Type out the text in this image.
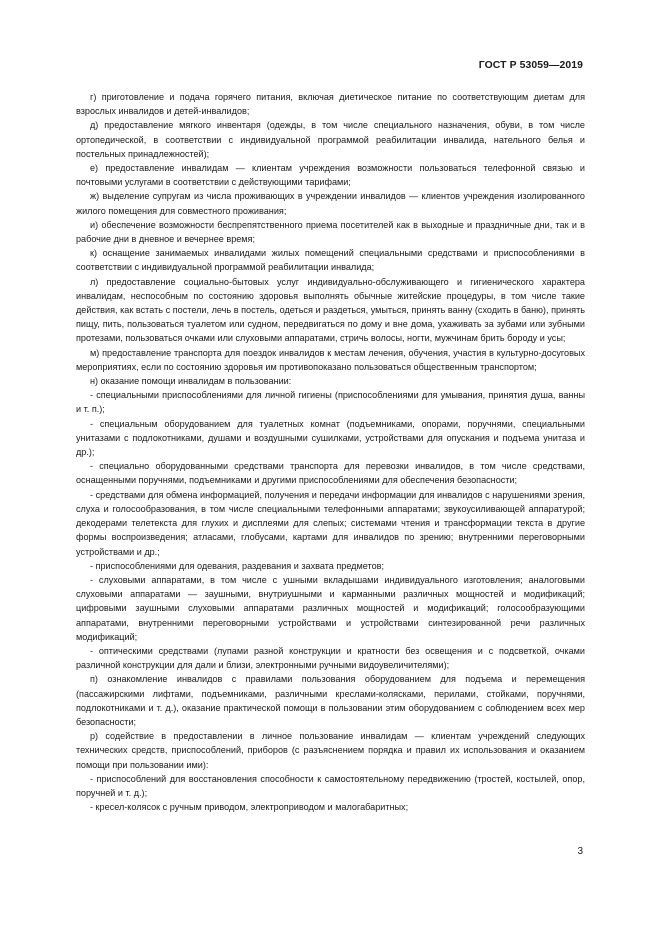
ГОСТ Р 53059—2019

г) приготовление и подача горячего питания, включая диетическое питание по соответствующим диетам для взрослых инвалидов и детей-инвалидов;

д) предоставление мягкого инвентаря (одежды, в том числе специального назначения, обуви, в том числе ортопедической, в соответствии с индивидуальной программой реабилитации инвалида, нательного белья и постельных принадлежностей);

е) предоставление инвалидам — клиентам учреждения возможности пользоваться телефонной связью и почтовыми услугами в соответствии с действующими тарифами;

ж) выделение супругам из числа проживающих в учреждении инвалидов — клиентов учреждения изолированного жилого помещения для совместного проживания;

и) обеспечение возможности беспрепятственного приема посетителей как в выходные и праздничные дни, так и в рабочие дни в дневное и вечернее время;

к) оснащение занимаемых инвалидами жилых помещений специальными средствами и приспособлениями в соответствии с индивидуальной программой реабилитации инвалида;

л) предоставление социально-бытовых услуг индивидуально-обслуживающего и гигиенического характера инвалидам, неспособным по состоянию здоровья выполнять обычные житейские процедуры, в том числе такие действия, как встать с постели, лечь в постель, одеться и раздеться, умыться, принять ванну (сходить в баню), принять пищу, пить, пользоваться туалетом или судном, передвигаться по дому и вне дома, ухаживать за зубами или зубными протезами, пользоваться очками или слуховыми аппаратами, стричь волосы, ногти, мужчинам брить бороду и усы;

м) предоставление транспорта для поездок инвалидов к местам лечения, обучения, участия в культурно-досуговых мероприятиях, если по состоянию здоровья им противопоказано пользоваться общественным транспортом;

н) оказание помощи инвалидам в пользовании:

- специальными приспособлениями для личной гигиены (приспособлениями для умывания, принятия душа, ванны и т. п.);

- специальным оборудованием для туалетных комнат (подъемниками, опорами, поручнями, специальными унитазами с подлокотниками, душами и воздушными сушилками, устройствами для опускания и подъема унитаза и др.);

- специально оборудованными средствами транспорта для перевозки инвалидов, в том числе средствами, оснащенными поручнями, подъемниками и другими приспособлениями для обеспечения безопасности;

- средствами для обмена информацией, получения и передачи информации для инвалидов с нарушениями зрения, слуха и голосообразования, в том числе специальными телефонными аппаратами; звукоусиливающей аппаратурой; декодерами телетекста для глухих и дисплеями для слепых; системами чтения и трансформации текста в другие формы воспроизведения; атласами, глобусами, картами для инвалидов по зрению; внутренними переговорными устройствами и др.;

- приспособлениями для одевания, раздевания и захвата предметов;

- слуховыми аппаратами, в том числе с ушными вкладышами индивидуального изготовления; аналоговыми слуховыми аппаратами — заушными, внутриушными и карманными различных мощностей и модификаций; цифровыми заушными слуховыми аппаратами различных мощностей и модификаций; голосообразующими аппаратами, внутренними переговорными устройствами и устройствами синтезированной речи различных модификаций;

- оптическими средствами (лупами разной конструкции и кратности без освещения и с подсветкой, очками различной конструкции для дали и близи, электронными ручными видоувеличителями);

п) ознакомление инвалидов с правилами пользования оборудованием для подъема и перемещения (пассажирскими лифтами, подъемниками, различными креслами-колясками, перилами, стойками, поручнями, подлокотниками и т. д.), оказание практической помощи в пользовании этим оборудованием с соблюдением всех мер безопасности;

р) содействие в предоставлении в личное пользование инвалидам — клиентам учреждений следующих технических средств, приспособлений, приборов (с разъяснением порядка и правил их использования и оказанием помощи при пользовании ими):

- приспособлений для восстановления способности к самостоятельному передвижению (тростей, костылей, опор, поручней и т. д.);

- кресел-колясок с ручным приводом, электроприводом и малогабаритных;

3
